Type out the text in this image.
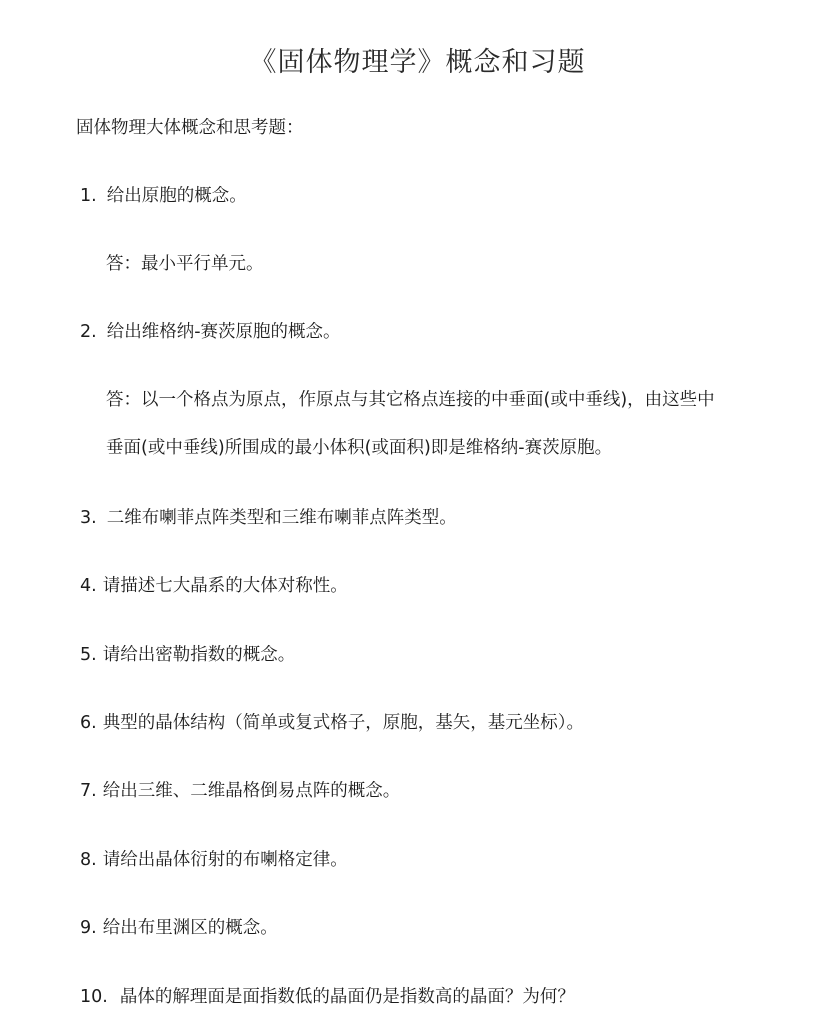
《固体物理学》概念和习题
固体物理大体概念和思考题：
1. 给出原胞的概念。
答：最小平行单元。
2. 给出维格纳-赛茨原胞的概念。
答：以一个格点为原点，作原点与其它格点连接的中垂面(或中垂线)，由这些中
垂面(或中垂线)所围成的最小体积(或面积)即是维格纳-赛茨原胞。
3. 二维布喇菲点阵类型和三维布喇菲点阵类型。
4. 请描述七大晶系的大体对称性。
5. 请给出密勒指数的概念。
6. 典型的晶体结构（简单或复式格子，原胞，基矢，基元坐标）。
7. 给出三维、二维晶格倒易点阵的概念。
8. 请给出晶体衍射的布喇格定律。
9. 给出布里渊区的概念。
10. 晶体的解理面是面指数低的晶面仍是指数高的晶面？为何？
